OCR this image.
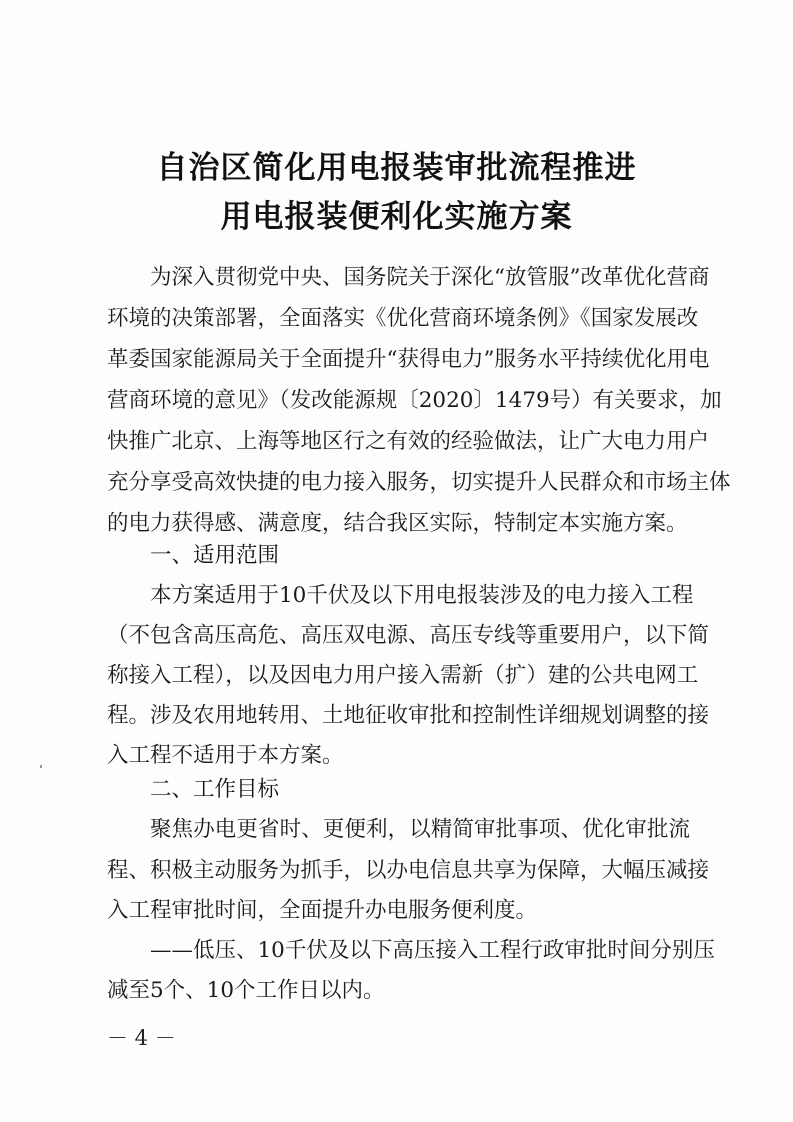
自治区简化用电报装审批流程推进
用电报装便利化实施方案
为深入贯彻党中央、国务院关于深化“放管服”改革优化营商
环境的决策部署，全面落实《优化营商环境条例》《国家发展改
革委国家能源局关于全面提升“获得电力”服务水平持续优化用电
营商环境的意见》（发改能源规〔2020〕1479号）有关要求，加
快推广北京、上海等地区行之有效的经验做法，让广大电力用户
充分享受高效快捷的电力接入服务，切实提升人民群众和市场主体
的电力获得感、满意度，结合我区实际，特制定本实施方案。
一、适用范围
本方案适用于10千伏及以下用电报装涉及的电力接入工程
（不包含高压高危、高压双电源、高压专线等重要用户，以下简
称接入工程），以及因电力用户接入需新（扩）建的公共电网工
程。涉及农用地转用、土地征收审批和控制性详细规划调整的接
入工程不适用于本方案。
二、工作目标
聚焦办电更省时、更便利，以精简审批事项、优化审批流
程、积极主动服务为抓手，以办电信息共享为保障，大幅压减接
入工程审批时间，全面提升办电服务便利度。
——低压、10千伏及以下高压接入工程行政审批时间分别压
减至5个、10个工作日以内。
－ 4 －
